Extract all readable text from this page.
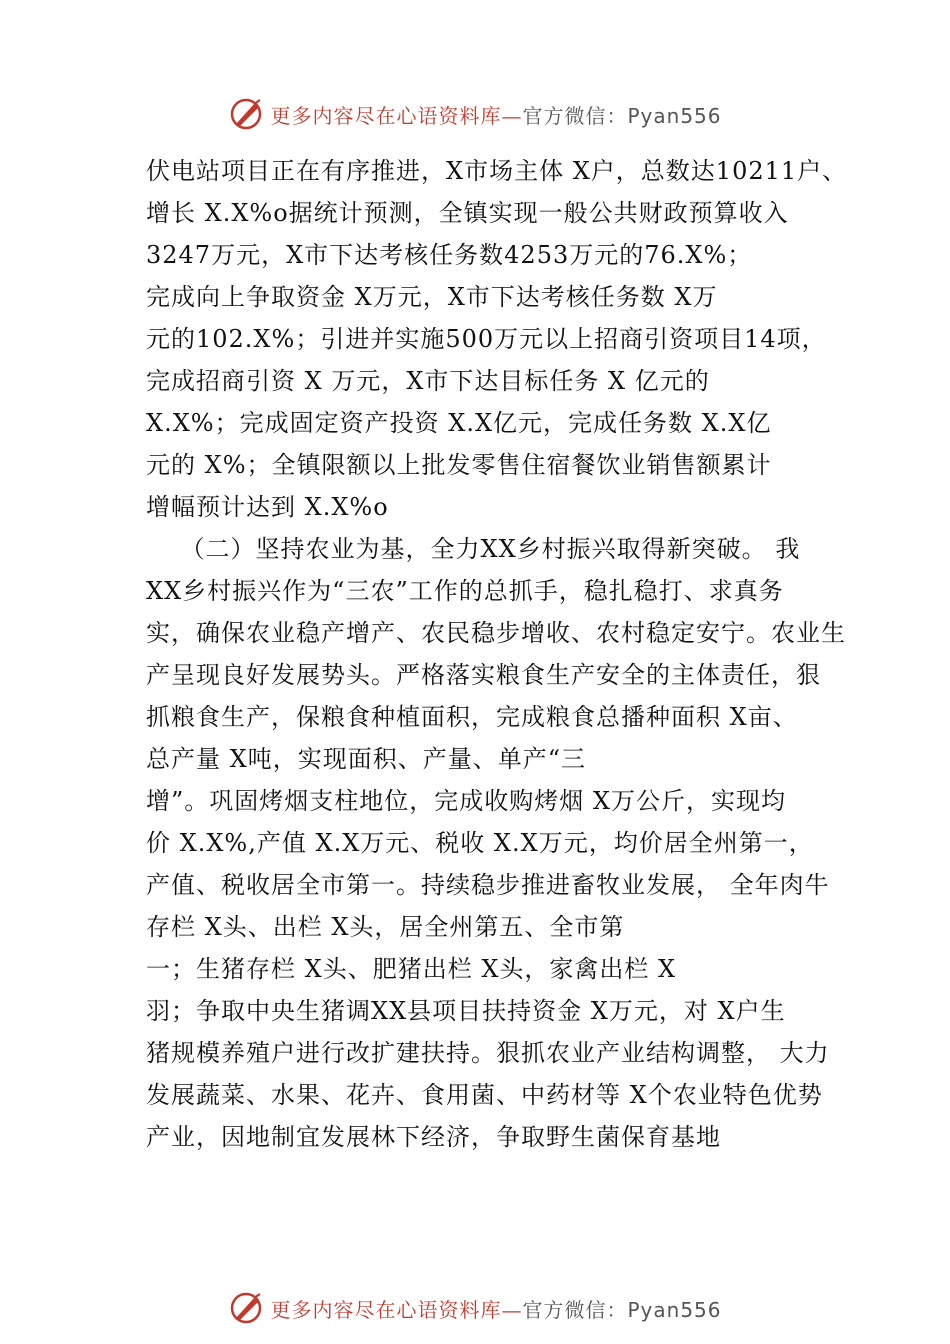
更多内容尽在心语资料库—官方微信：Pyan556
伏电站项目正在有序推进，X市场主体 X户，总数达10211户、
增长 X.X%o据统计预测，全镇实现一般公共财政预算收入
3247万元，X市下达考核任务数4253万元的76.X%；
完成向上争取资金 X万元，X市下达考核任务数 X万
元的102.X%；引进并实施500万元以上招商引资项目14项，
完成招商引资 X 万元，X市下达目标任务 X 亿元的
X.X%；完成固定资产投资 X.X亿元，完成任务数 X.X亿
元的 X%；全镇限额以上批发零售住宿餐饮业销售额累计
增幅预计达到 X.X%o
（二）坚持农业为基，全力XX乡村振兴取得新突破。 我
XX乡村振兴作为“三农”工作的总抓手，稳扎稳打、求真务
实，确保农业稳产增产、农民稳步增收、农村稳定安宁。农业生
产呈现良好发展势头。严格落实粮食生产安全的主体责任，狠
抓粮食生产，保粮食种植面积，完成粮食总播种面积 X亩、
总产量 X吨，实现面积、产量、单产“三
增”。巩固烤烟支柱地位，完成收购烤烟 X万公斤，实现均
价 X.X%,产值 X.X万元、税收 X.X万元，均价居全州第一，
产值、税收居全市第一。持续稳步推进畜牧业发展， 全年肉牛
存栏 X头、出栏 X头，居全州第五、全市第
一；生猪存栏 X头、肥猪出栏 X头，家禽出栏 X
羽；争取中央生猪调XX县项目扶持资金 X万元，对 X户生
猪规模养殖户进行改扩建扶持。狠抓农业产业结构调整， 大力
发展蔬菜、水果、花卉、食用菌、中药材等 X个农业特色优势
产业，因地制宜发展林下经济，争取野生菌保育基地
更多内容尽在心语资料库—官方微信：Pyan556
